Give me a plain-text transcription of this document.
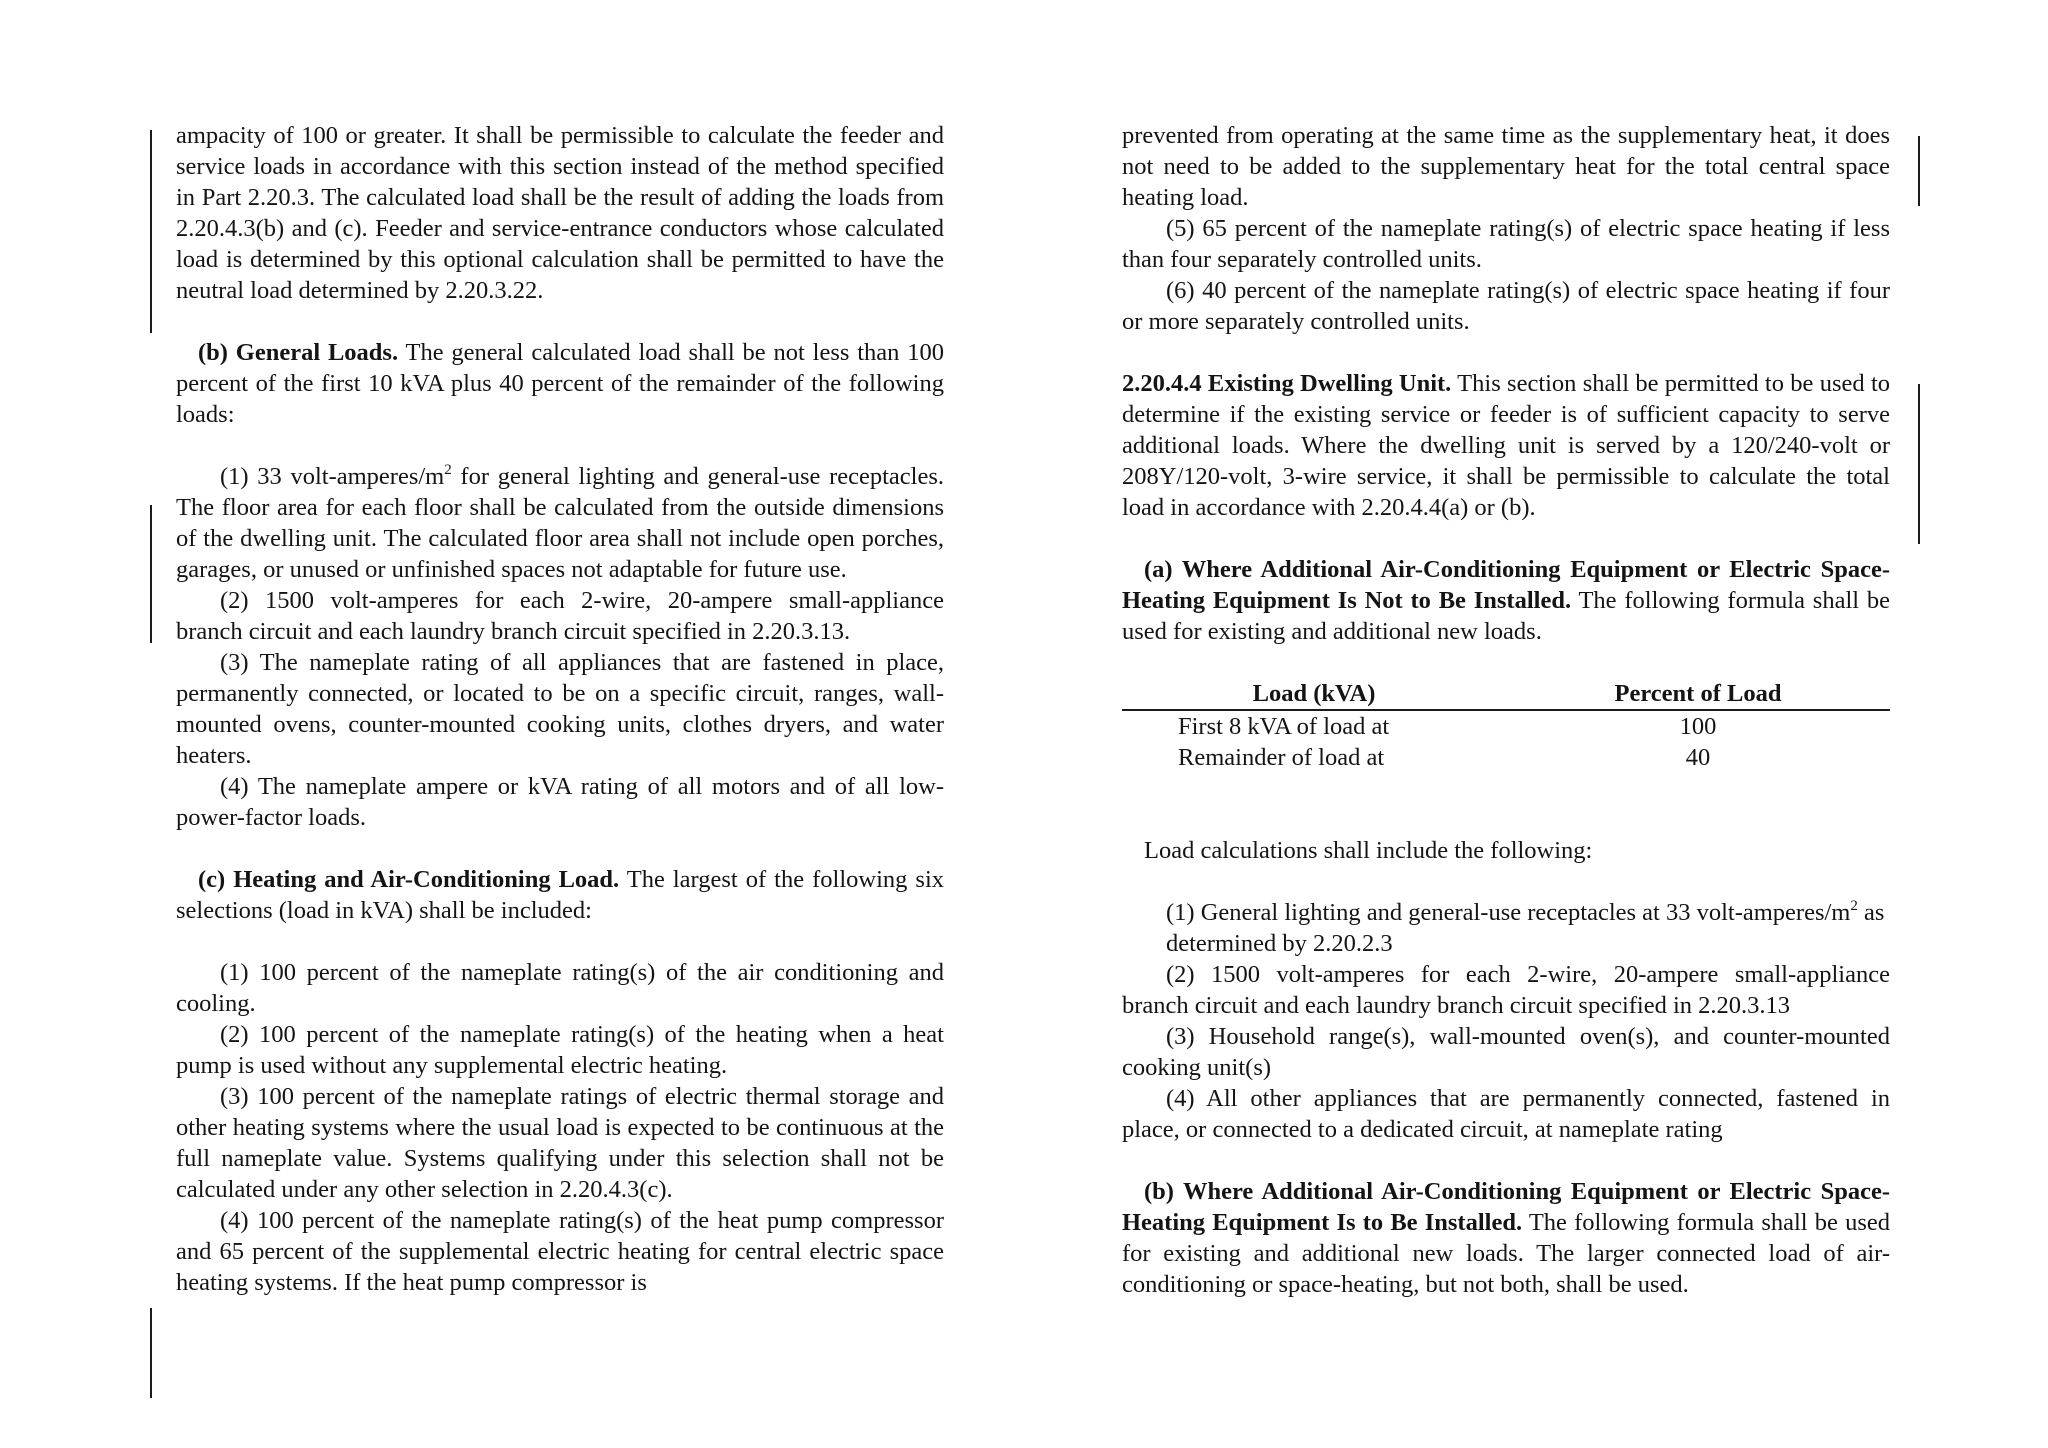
ampacity of 100 or greater. It shall be permissible to calculate the feeder and service loads in accordance with this section instead of the method specified in Part 2.20.3. The calculated load shall be the result of adding the loads from 2.20.4.3(b) and (c). Feeder and service-entrance conductors whose calculated load is determined by this optional calculation shall be permitted to have the neutral load determined by 2.20.3.22.

(b) General Loads. The general calculated load shall be not less than 100 percent of the first 10 kVA plus 40 percent of the remainder of the following loads:

(1) 33 volt-$amperes/m^2$ for general lighting and general-use receptacles. The floor area for each floor shall be calculated from the outside dimensions of the dwelling unit. The calculated floor area shall not include open porches, garages, or unused or unfinished spaces not adaptable for future use.

(2) 1500 volt-amperes for each 2-wire, 20-ampere small-appliance branch circuit and each laundry branch circuit specified in 2.20.3.13.

(3) The nameplate rating of all appliances that are fastened in place, permanently connected, or located to be on a specific circuit, ranges, wall-mounted ovens, counter-mounted cooking units, clothes dryers, and water heaters.

(4) The nameplate ampere or kVA rating of all motors and of all low-power-factor loads.

(c) Heating and Air-Conditioning Load. The largest of the following six selections (load in kVA) shall be included:

(1) 100 percent of the nameplate rating(s) of the air conditioning and cooling.

(2) 100 percent of the nameplate rating(s) of the heating when a heat pump is used without any supplemental electric heating.

(3) 100 percent of the nameplate ratings of electric thermal storage and other heating systems where the usual load is expected to be continuous at the full nameplate value. Systems qualifying under this selection shall not be calculated under any other selection in 2.20.4.3(c).

(4) 100 percent of the nameplate rating(s) of the heat pump compressor and 65 percent of the supplemental electric heating for central electric space heating systems. If the heat pump compressor is

prevented from operating at the same time as the supplementary heat, it does not need to be added to the supplementary heat for the total central space heating load.

(5) 65 percent of the nameplate rating(s) of electric space heating if less than four separately controlled units.

(6) 40 percent of the nameplate rating(s) of electric space heating if four or more separately controlled units.

2.20.4.4 Existing Dwelling Unit. This section shall be permitted to be used to determine if the existing service or feeder is of sufficient capacity to serve additional loads. Where the dwelling unit is served by a 120/240-volt or 208Y/120-volt, 3-wire service, it shall be permissible to calculate the total load in accordance with 2.20.4.4(a) or (b).

(a) Where Additional Air-Conditioning Equipment or Electric Space-Heating Equipment Is Not to Be Installed. The following formula shall be used for existing and additional new loads.

Load (kVA)	Percent of Load
First 8 kVA of load at	100
Remainder of load at	40

Load calculations shall include the following:

(1) General lighting and general-use receptacles at 33 volt-$amperes/m^2$ as determined by 2.20.2.3

(2) 1500 volt-amperes for each 2-wire, 20-ampere small-appliance branch circuit and each laundry branch circuit specified in 2.20.3.13

(3) Household range(s), wall-mounted oven(s), and counter-mounted cooking unit(s)

(4) All other appliances that are permanently connected, fastened in place, or connected to a dedicated circuit, at nameplate rating

(b) Where Additional Air-Conditioning Equipment or Electric Space-Heating Equipment Is to Be Installed. The following formula shall be used for existing and additional new loads. The larger connected load of air-conditioning or space-heating, but not both, shall be used.
